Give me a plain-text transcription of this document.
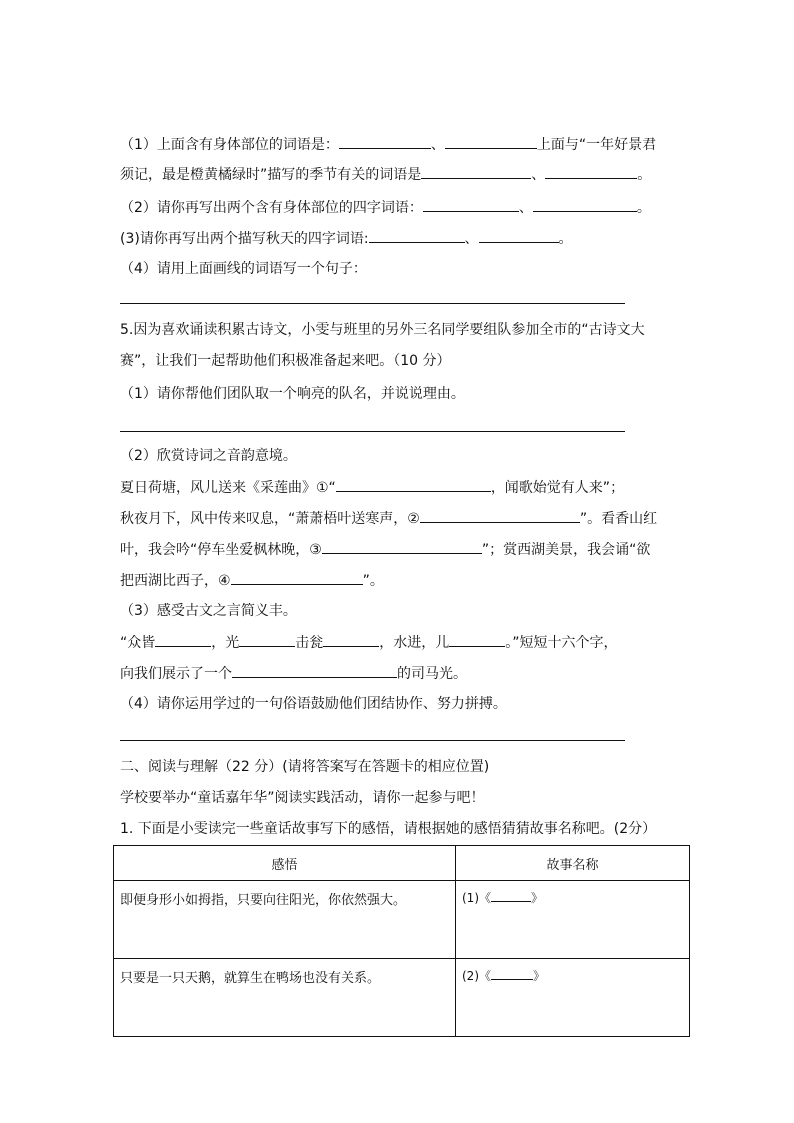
（1）上面含有身体部位的词语是：	、	上面与“一年好景君
须记，最是橙黄橘绿时”描写的季节有关的词语是	、	。
（2）请你再写出两个含有身体部位的四字词语：	、	。
(3)请你再写出两个描写秋天的四字词语:	、	。
（4）请用上面画线的词语写一个句子：
5.因为喜欢诵读积累古诗文，小雯与班里的另外三名同学要组队参加全市的“古诗文大
赛”，让我们一起帮助他们积极准备起来吧。（10 分）
（1）请你帮他们团队取一个响亮的队名，并说说理由。
（2）欣赏诗词之音韵意境。
夏日荷塘，风儿送来《采莲曲》①“	，闻歌始觉有人来”；
秋夜月下，风中传来叹息，“萧萧梧叶送寒声，②	”。看香山红
叶，我会吟“停车坐爱枫林晚，③	”；赏西湖美景，我会诵“欲
把西湖比西子，④	”。
（3）感受古文之言简义丰。
“众皆	，光	击瓮	，水进，儿	。”短短十六个字，
向我们展示了一个	的司马光。
（4）请你运用学过的一句俗语鼓励他们团结协作、努力拼搏。
二、阅读与理解（22 分）(请将答案写在答题卡的相应位置)
学校要举办“童话嘉年华”阅读实践活动，请你一起参与吧！
1. 下面是小雯读完一些童话故事写下的感悟，请根据她的感悟猜猜故事名称吧。(2分）
感悟	故事名称
即便身形小如拇指，只要向往阳光，你依然强大。	(1)《 》
只要是一只天鹅，就算生在鸭场也没有关系。	(2)《 》
